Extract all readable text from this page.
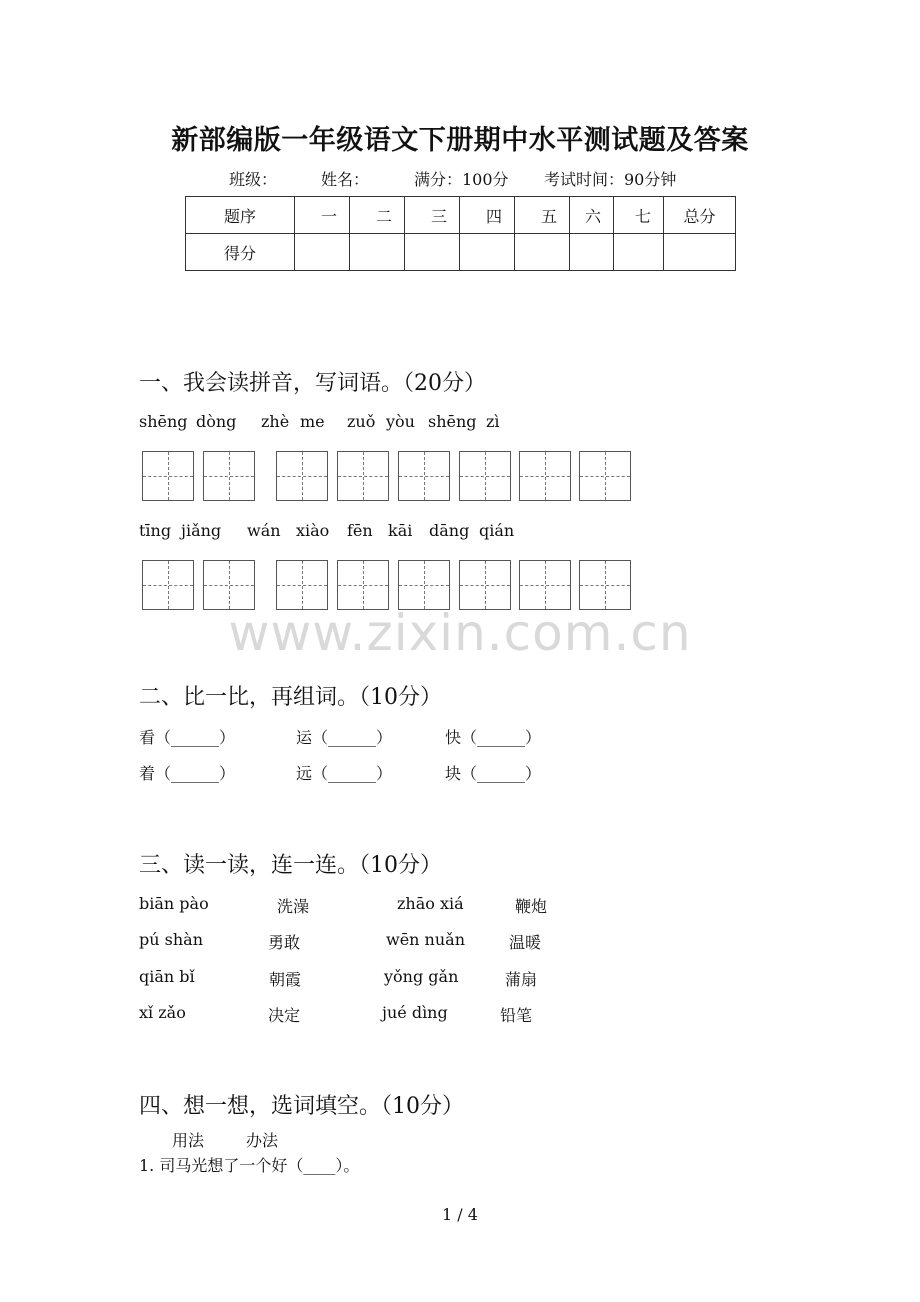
新部编版一年级语文下册期中水平测试题及答案
班级：	姓名：	满分：100分 考试时间：90分钟
题序	一	二	三	四	五	六	七	总分
得分								
一、我会读拼音，写词语。（20分）
shēng dòng zhè me zuǒ yòu shēng zì
tīng jiǎng wán xiào fēn kāi dāng qián
www.zixin.com.cn
二、比一比，再组词。（10分）
看（______）	运（______）	快（______）
着（______）	远（______）	块（______）
三、读一读，连一连。（10分）
biān pào	洗澡	zhāo xiá	鞭炮
pú shàn	勇敢	wēn nuǎn	温暖
qiān bǐ	朝霞	yǒng gǎn	蒲扇
xǐ zǎo	决定	jué dìng	铅笔
四、想一想，选词填空。（10分）
用法	办法
1. 司马光想了一个好（____）。
1 / 4
